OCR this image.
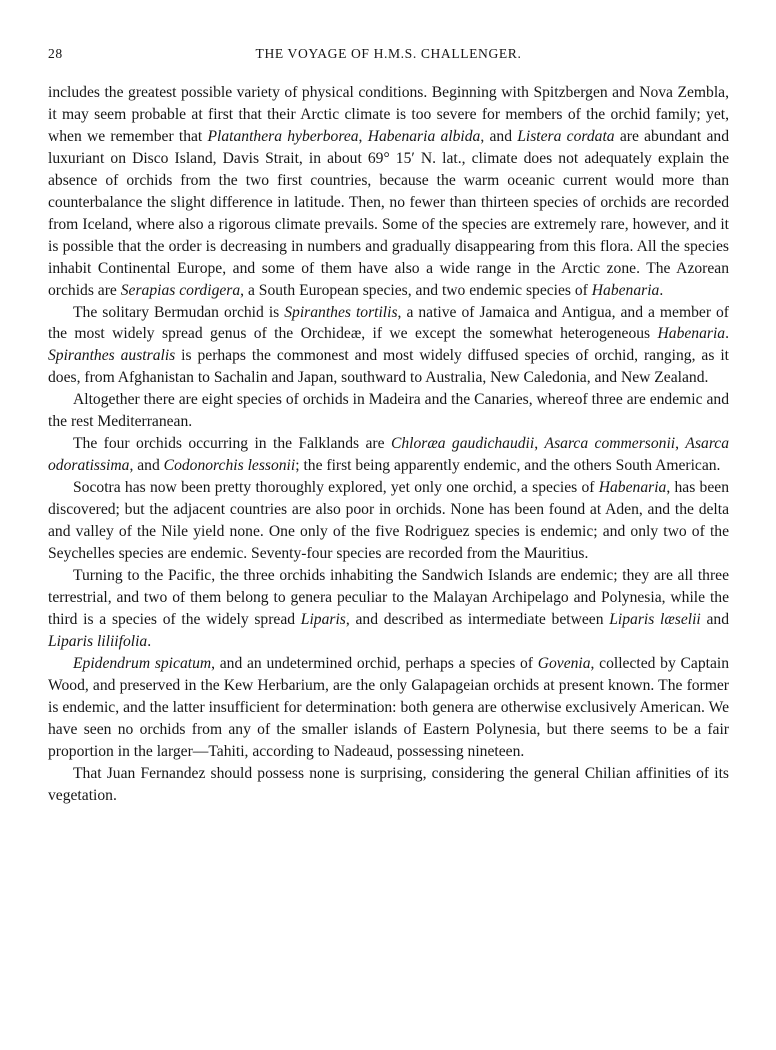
28	THE VOYAGE OF H.M.S. CHALLENGER.

includes the greatest possible variety of physical conditions. Beginning with Spitzbergen and Nova Zembla, it may seem probable at first that their Arctic climate is too severe for members of the orchid family; yet, when we remember that Platanthera hyberborea, Habenaria albida, and Listera cordata are abundant and luxuriant on Disco Island, Davis Strait, in about 69° 15′ N. lat., climate does not adequately explain the absence of orchids from the two first countries, because the warm oceanic current would more than counterbalance the slight difference in latitude. Then, no fewer than thirteen species of orchids are recorded from Iceland, where also a rigorous climate prevails. Some of the species are extremely rare, however, and it is possible that the order is decreasing in numbers and gradually disappearing from this flora. All the species inhabit Continental Europe, and some of them have also a wide range in the Arctic zone. The Azorean orchids are Serapias cordigera, a South European species, and two endemic species of Habenaria.

The solitary Bermudan orchid is Spiranthes tortilis, a native of Jamaica and Antigua, and a member of the most widely spread genus of the Orchideæ, if we except the somewhat heterogeneous Habenaria. Spiranthes australis is perhaps the commonest and most widely diffused species of orchid, ranging, as it does, from Afghanistan to Sachalin and Japan, southward to Australia, New Caledonia, and New Zealand.

Altogether there are eight species of orchids in Madeira and the Canaries, whereof three are endemic and the rest Mediterranean.

The four orchids occurring in the Falklands are Chloræa gaudichaudii, Asarca commersonii, Asarca odoratissima, and Codonorchis lessonii; the first being apparently endemic, and the others South American.

Socotra has now been pretty thoroughly explored, yet only one orchid, a species of Habenaria, has been discovered; but the adjacent countries are also poor in orchids. None has been found at Aden, and the delta and valley of the Nile yield none. One only of the five Rodriguez species is endemic; and only two of the Seychelles species are endemic. Seventy-four species are recorded from the Mauritius.

Turning to the Pacific, the three orchids inhabiting the Sandwich Islands are endemic; they are all three terrestrial, and two of them belong to genera peculiar to the Malayan Archipelago and Polynesia, while the third is a species of the widely spread Liparis, and described as intermediate between Liparis læselii and Liparis liliifolia.

Epidendrum spicatum, and an undetermined orchid, perhaps a species of Govenia, collected by Captain Wood, and preserved in the Kew Herbarium, are the only Galapageian orchids at present known. The former is endemic, and the latter insufficient for determination: both genera are otherwise exclusively American. We have seen no orchids from any of the smaller islands of Eastern Polynesia, but there seems to be a fair proportion in the larger—Tahiti, according to Nadeaud, possessing nineteen.

That Juan Fernandez should possess none is surprising, considering the general Chilian affinities of its vegetation.
